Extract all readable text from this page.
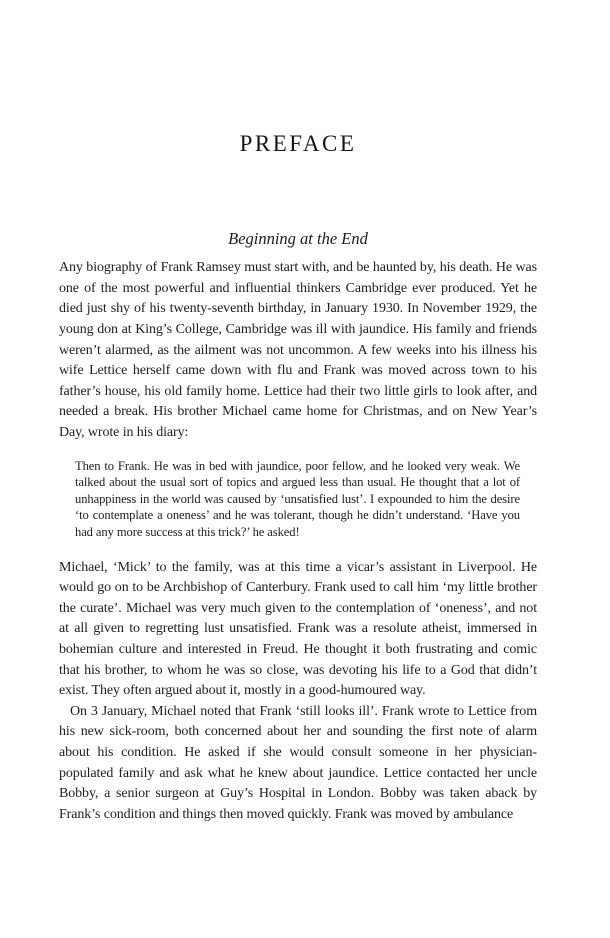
PREFACE
Beginning at the End

Any biography of Frank Ramsey must start with, and be haunted by, his death. He was one of the most powerful and influential thinkers Cambridge ever produced. Yet he died just shy of his twenty-seventh birthday, in January 1930. In November 1929, the young don at King’s College, Cambridge was ill with jaundice. His family and friends weren’t alarmed, as the ailment was not uncommon. A few weeks into his illness his wife Lettice herself came down with flu and Frank was moved across town to his father’s house, his old family home. Lettice had their two little girls to look after, and needed a break. His brother Michael came home for Christmas, and on New Year’s Day, wrote in his diary:

Then to Frank. He was in bed with jaundice, poor fellow, and he looked very weak. We talked about the usual sort of topics and argued less than usual. He thought that a lot of unhappiness in the world was caused by ‘unsatisfied lust’. I expounded to him the desire ‘to contemplate a oneness’ and he was tolerant, though he didn’t understand. ‘Have you had any more success at this trick?’ he asked!

Michael, ‘Mick’ to the family, was at this time a vicar’s assistant in Liverpool. He would go on to be Archbishop of Canterbury. Frank used to call him ‘my little brother the curate’. Michael was very much given to the contemplation of ‘oneness’, and not at all given to regretting lust unsatisfied. Frank was a resolute atheist, immersed in bohemian culture and interested in Freud. He thought it both frustrating and comic that his brother, to whom he was so close, was devoting his life to a God that didn’t exist. They often argued about it, mostly in a good-humoured way.

On 3 January, Michael noted that Frank ‘still looks ill’. Frank wrote to Lettice from his new sick-room, both concerned about her and sounding the first note of alarm about his condition. He asked if she would consult someone in her physician-populated family and ask what he knew about jaundice. Lettice contacted her uncle Bobby, a senior surgeon at Guy’s Hospital in London. Bobby was taken aback by Frank’s condition and things then moved quickly. Frank was moved by ambulance
